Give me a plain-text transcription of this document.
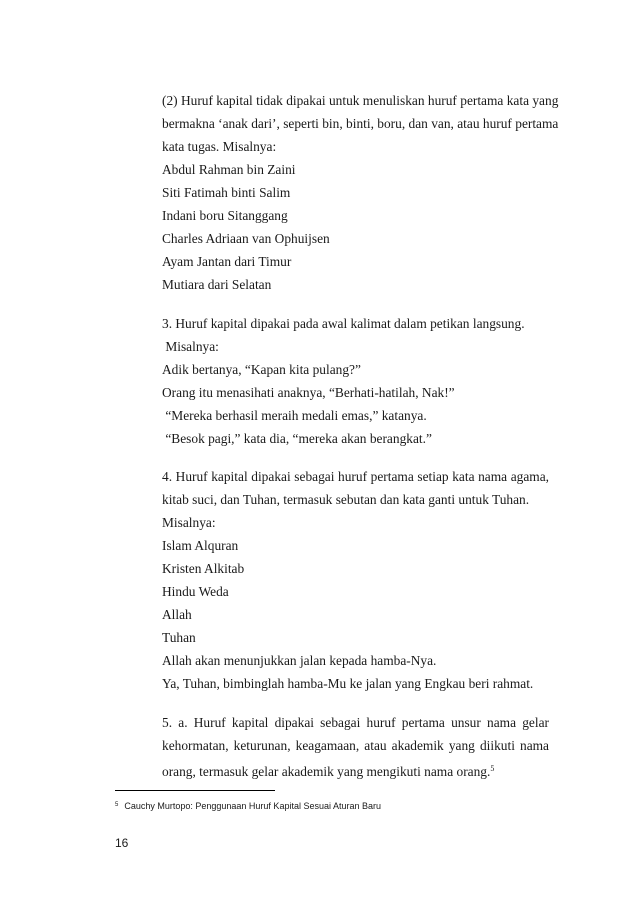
(2) Huruf kapital tidak dipakai untuk menuliskan huruf pertama kata yang
bermakna ‘anak dari’, seperti bin, binti, boru, dan van, atau huruf pertama
kata tugas. Misalnya:
Abdul Rahman bin Zaini
Siti Fatimah binti Salim
Indani boru Sitanggang
Charles Adriaan van Ophuijsen
Ayam Jantan dari Timur
Mutiara dari Selatan
3. Huruf kapital dipakai pada awal kalimat dalam petikan langsung.
Misalnya:
Adik bertanya, “Kapan kita pulang?”
Orang itu menasihati anaknya, “Berhati-hatilah, Nak!”
“Mereka berhasil meraih medali emas,” katanya.
“Besok pagi,” kata dia, “mereka akan berangkat.”
4. Huruf kapital dipakai sebagai huruf pertama setiap kata nama agama,
kitab suci, dan Tuhan, termasuk sebutan dan kata ganti untuk Tuhan.
Misalnya:
Islam Alquran
Kristen Alkitab
Hindu Weda
Allah
Tuhan
Allah akan menunjukkan jalan kepada hamba-Nya.
Ya, Tuhan, bimbinglah hamba-Mu ke jalan yang Engkau beri rahmat.
5. a. Huruf kapital dipakai sebagai huruf pertama unsur nama gelar
kehormatan, keturunan, keagamaan, atau akademik yang diikuti nama
orang, termasuk gelar akademik yang mengikuti nama orang.$^5$
$^5$ Cauchy Murtopo: Penggunaan Huruf Kapital Sesuai Aturan Baru
16
